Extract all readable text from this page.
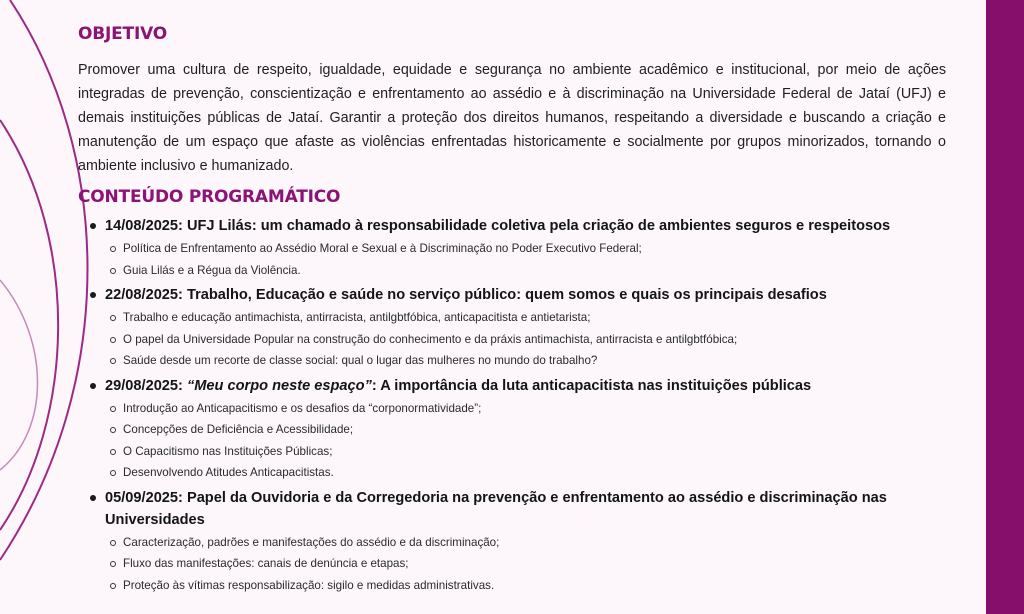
OBJETIVO

Promover uma cultura de respeito, igualdade, equidade e segurança no ambiente acadêmico e institucional, por meio de ações integradas de prevenção, conscientização e enfrentamento ao assédio e à discriminação na Universidade Federal de Jataí (UFJ) e demais instituições públicas de Jataí. Garantir a proteção dos direitos humanos, respeitando a diversidade e buscando a criação e manutenção de um espaço que afaste as violências enfrentadas historicamente e socialmente por grupos minorizados, tornando o ambiente inclusivo e humanizado.

CONTEÚDO PROGRAMÁTICO
14/08/2025: UFJ Lilás: um chamado à responsabilidade coletiva pela criação de ambientes seguros e respeitosos
Política de Enfrentamento ao Assédio Moral e Sexual e à Discriminação no Poder Executivo Federal;
Guia Lilás e a Régua da Violência.
22/08/2025: Trabalho, Educação e saúde no serviço público: quem somos e quais os principais desafios
Trabalho e educação antimachista, antirracista, antilgbtfóbica, anticapacitista e antietarista;
O papel da Universidade Popular na construção do conhecimento e da práxis antimachista, antirracista e antilgbtfóbica;
Saúde desde um recorte de classe social: qual o lugar das mulheres no mundo do trabalho?
29/08/2025: “Meu corpo neste espaço”: A importância da luta anticapacitista nas instituições públicas
Introdução ao Anticapacitismo e os desafios da “corponormatividade”;
Concepções de Deficiência e Acessibilidade;
O Capacitismo nas Instituições Públicas;
Desenvolvendo Atitudes Anticapacitistas.
05/09/2025: Papel da Ouvidoria e da Corregedoria na prevenção e enfrentamento ao assédio e discriminação nas Universidades
Caracterização, padrões e manifestações do assédio e da discriminação;
Fluxo das manifestações: canais de denúncia e etapas;
Proteção às vítimas responsabilização: sigilo e medidas administrativas.
